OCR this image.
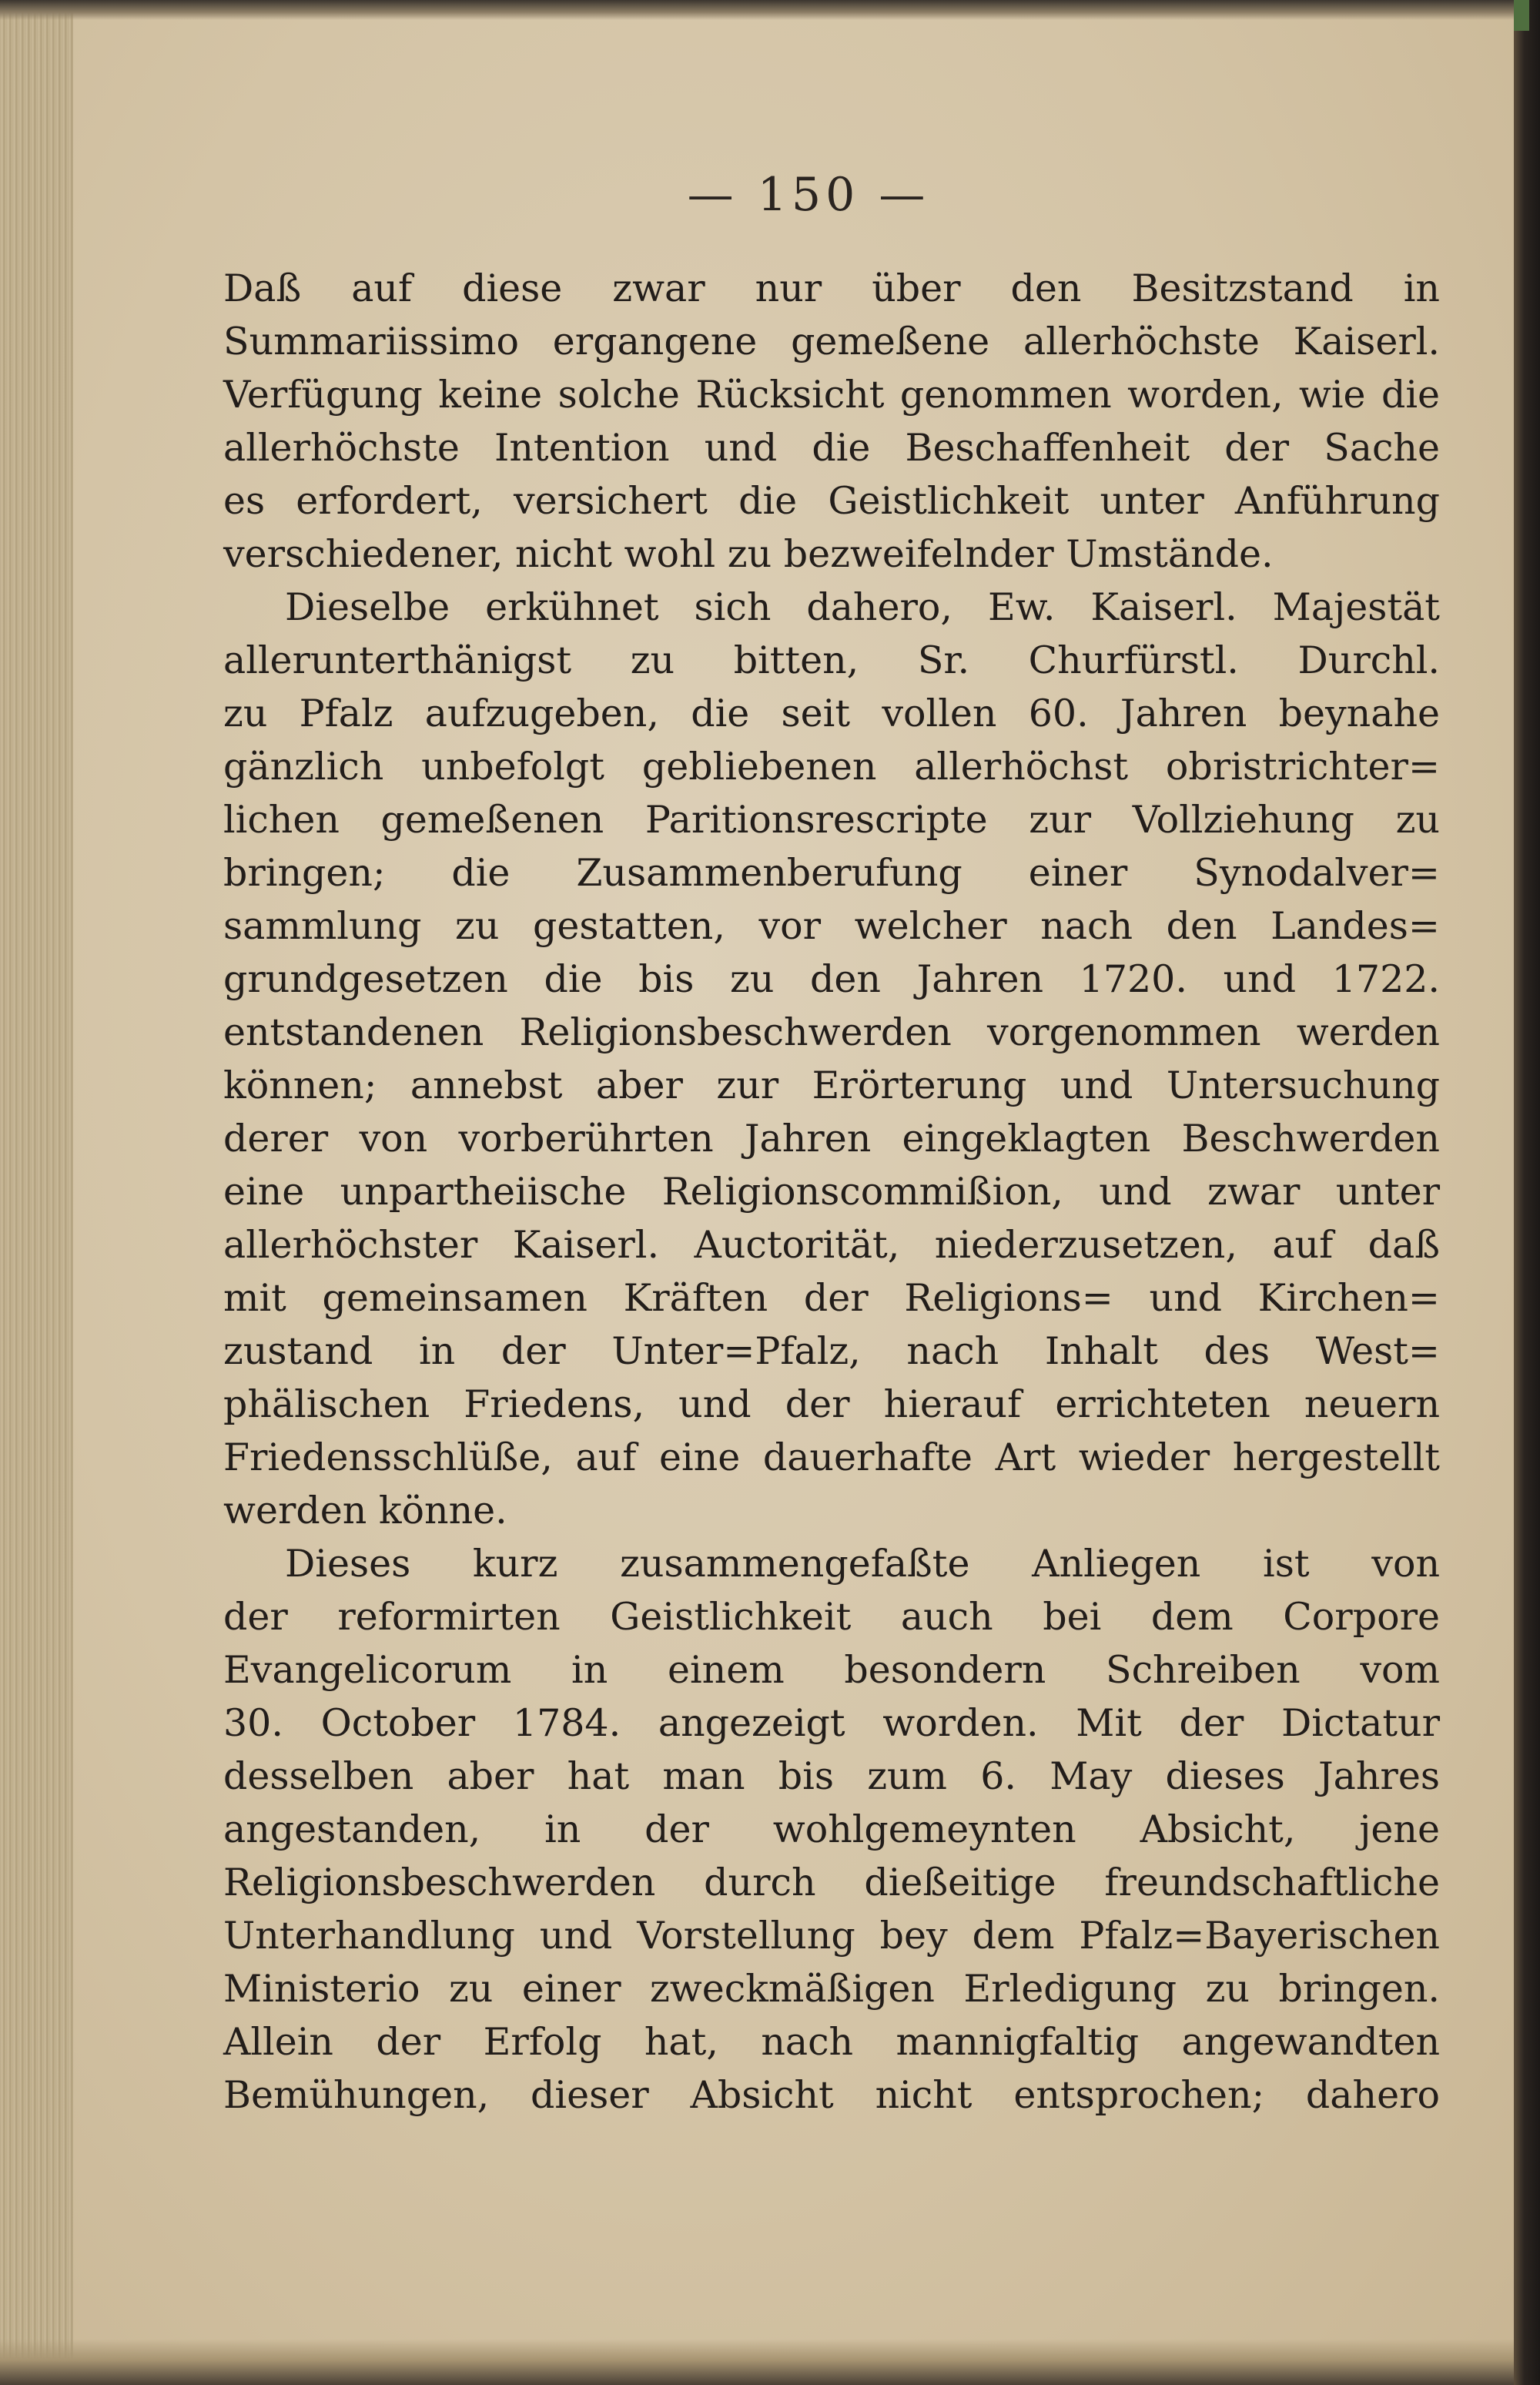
— 150 —
Daß auf diese zwar nur über den Besitzstand in
Summariissimo ergangene gemeßene allerhöchste Kaiserl.
Verfügung keine solche Rücksicht genommen worden, wie die
allerhöchste Intention und die Beschaffenheit der Sache
es erfordert, versichert die Geistlichkeit unter Anführung
verschiedener, nicht wohl zu bezweifelnder Umstände.
Dieselbe erkühnet sich dahero, Ew. Kaiserl. Majestät
allerunterthänigst zu bitten, Sr. Churfürstl. Durchl.
zu Pfalz aufzugeben, die seit vollen 60. Jahren beynahe
gänzlich unbefolgt gebliebenen allerhöchst obristrichter=
lichen gemeßenen Paritionsrescripte zur Vollziehung zu
bringen; die Zusammenberufung einer Synodalver=
sammlung zu gestatten, vor welcher nach den Landes=
grundgesetzen die bis zu den Jahren 1720. und 1722.
entstandenen Religionsbeschwerden vorgenommen werden
können; annebst aber zur Erörterung und Untersuchung
derer von vorberührten Jahren eingeklagten Beschwerden
eine unpartheiische Religionscommißion, und zwar unter
allerhöchster Kaiserl. Auctorität, niederzusetzen, auf daß
mit gemeinsamen Kräften der Religions= und Kirchen=
zustand in der Unter=Pfalz, nach Inhalt des West=
phälischen Friedens, und der hierauf errichteten neuern
Friedensschlüße, auf eine dauerhafte Art wieder hergestellt
werden könne.
Dieses kurz zusammengefaßte Anliegen ist von
der reformirten Geistlichkeit auch bei dem Corpore
Evangelicorum in einem besondern Schreiben vom
30. October 1784. angezeigt worden. Mit der Dictatur
desselben aber hat man bis zum 6. May dieses Jahres
angestanden, in der wohlgemeynten Absicht, jene
Religionsbeschwerden durch dießeitige freundschaftliche
Unterhandlung und Vorstellung bey dem Pfalz=Bayerischen
Ministerio zu einer zweckmäßigen Erledigung zu bringen.
Allein der Erfolg hat, nach mannigfaltig angewandten
Bemühungen, dieser Absicht nicht entsprochen; dahero
